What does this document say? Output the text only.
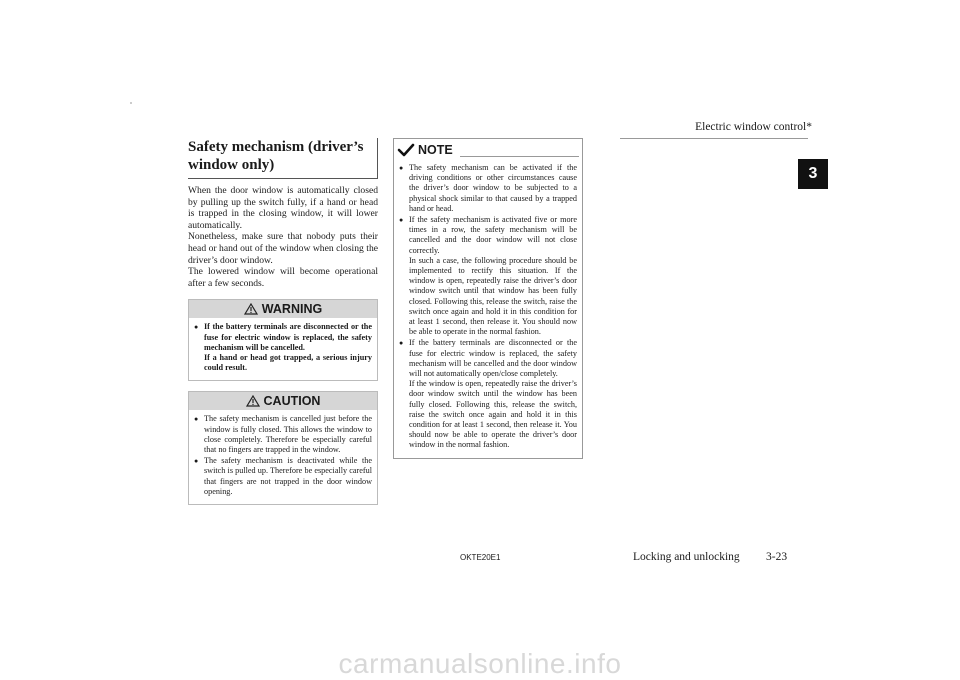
Electric window control*
3
Safety mechanism (driver’s window only)

When the door window is automatically closed by pulling up the switch fully, if a hand or head is trapped in the closing window, it will lower automatically.

Nonetheless, make sure that nobody puts their head or hand out of the window when closing the driver’s door window.

The lowered window will become operational after a few seconds.

WARNING
● If the battery terminals are disconnected or the fuse for electric window is replaced, the safety mechanism will be cancelled.

If a hand or head got trapped, a serious injury could result.

CAUTION
● The safety mechanism is cancelled just before the window is fully closed. This allows the window to close completely. Therefore be especially careful that no fingers are trapped in the window.

● The safety mechanism is deactivated while the switch is pulled up. Therefore be especially careful that fingers are not trapped in the door window opening.

NOTE
● The safety mechanism can be activated if the driving conditions or other circumstances cause the driver’s door window to be subjected to a physical shock similar to that caused by a trapped hand or head.

● If the safety mechanism is activated five or more times in a row, the safety mechanism will be cancelled and the door window will not close correctly.

In such a case, the following procedure should be implemented to rectify this situation. If the window is open, repeatedly raise the driver’s door window switch until that window has been fully closed. Following this, release the switch, raise the switch once again and hold it in this condition for at least 1 second, then release it. You should now be able to operate in the normal fashion.

● If the battery terminals are disconnected or the fuse for electric window is replaced, the safety mechanism will be cancelled and the door window will not automatically open/close completely.

If the window is open, repeatedly raise the driver’s door window switch until the window has been fully closed. Following this, release the switch, raise the switch once again and hold it in this condition for at least 1 second, then release it. You should now be able to operate the driver’s door window in the normal fashion.

OKTE20E1	Locking and unlocking 3-23
carmanualsonline.info
